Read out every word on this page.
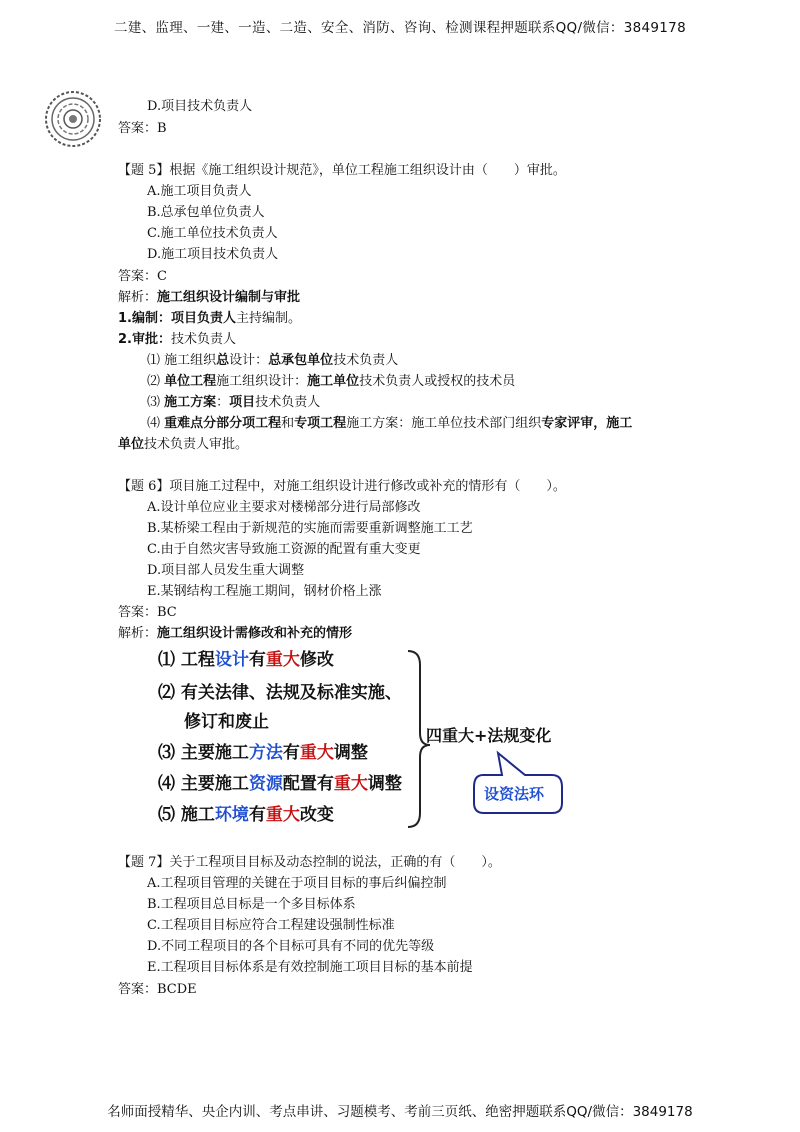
二建、监理、一建、一造、二造、安全、消防、咨询、检测课程押题联系QQ/微信：3849178
D.项目技术负责人
答案：B
【题 5】根据《施工组织设计规范》，单位工程施工组织设计由（　　）审批。
A.施工项目负责人
B.总承包单位负责人
C.施工单位技术负责人
D.施工项目技术负责人
答案：C
解析：施工组织设计编制与审批
1.编制：项目负责人主持编制。
2.审批：技术负责人
⑴ 施工组织总设计：总承包单位技术负责人
⑵ 单位工程施工组织设计：施工单位技术负责人或授权的技术员
⑶ 施工方案：项目技术负责人
⑷ 重难点分部分项工程和专项工程施工方案：施工单位技术部门组织专家评审，施工
单位技术负责人审批。
【题 6】项目施工过程中，对施工组织设计进行修改或补充的情形有（　　）。
A.设计单位应业主要求对楼梯部分进行局部修改
B.某桥梁工程由于新规范的实施而需要重新调整施工工艺
C.由于自然灾害导致施工资源的配置有重大变更
D.项目部人员发生重大调整
E.某钢结构工程施工期间，钢材价格上涨
答案：BC
解析：施工组织设计需修改和补充的情形
⑴ 工程设计有重大修改
⑵ 有关法律、法规及标准实施、
修订和废止
⑶ 主要施工方法有重大调整
⑷ 主要施工资源配置有重大调整
⑸ 施工环境有重大改变
四重大+法规变化
设资法环
【题 7】关于工程项目目标及动态控制的说法，正确的有（　　）。
A.工程项目管理的关键在于项目目标的事后纠偏控制
B.工程项目总目标是一个多目标体系
C.工程项目目标应符合工程建设强制性标准
D.不同工程项目的各个目标可具有不同的优先等级
E.工程项目目标体系是有效控制施工项目目标的基本前提
答案：BCDE
名师面授精华、央企内训、考点串讲、习题模考、考前三页纸、绝密押题联系QQ/微信：3849178
